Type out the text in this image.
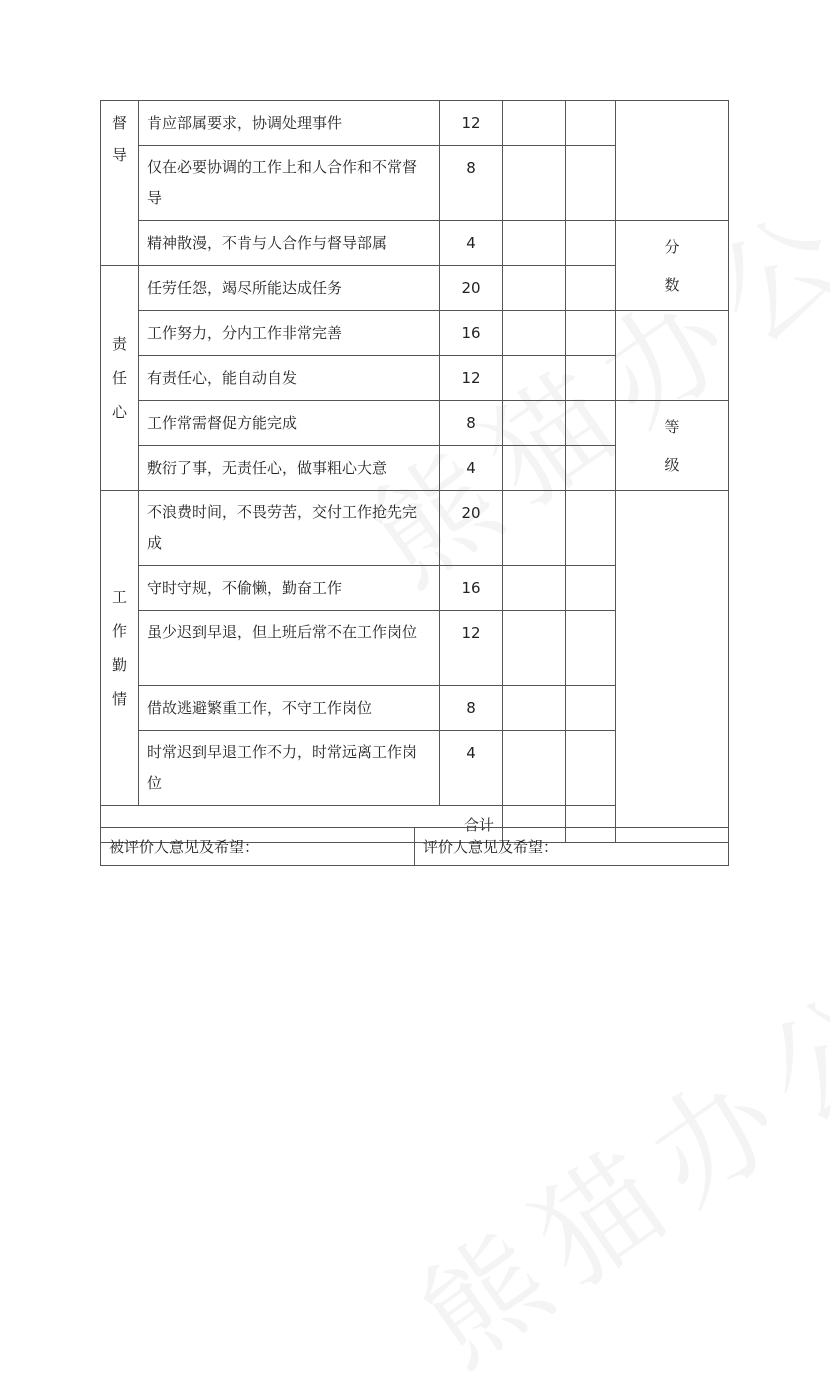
督导	肯应部属要求，协调处理事件	12			

	仅在必要协调的工作上和人合作和不常督导	8			

	精神散漫，不肯与人合作与督导部属	4			分数

责任心	任劳任怨，竭尽所能达成任务	20			

	工作努力，分内工作非常完善	16			

	有责任心，能自动自发	12			

	工作常需督促方能完成	8			等级

	敷衍了事，无责任心，做事粗心大意	4			

工作勤情	不浪费时间，不畏劳苦，交付工作抢先完成	20			

	守时守规，不偷懒，勤奋工作	16			

	虽少迟到早退，但上班后常不在工作岗位	12			

	借故逃避繁重工作，不守工作岗位	8			

	时常迟到早退工作不力，时常远离工作岗位	4			

合计					
被评价人意见及希望：	评价人意见及希望：
